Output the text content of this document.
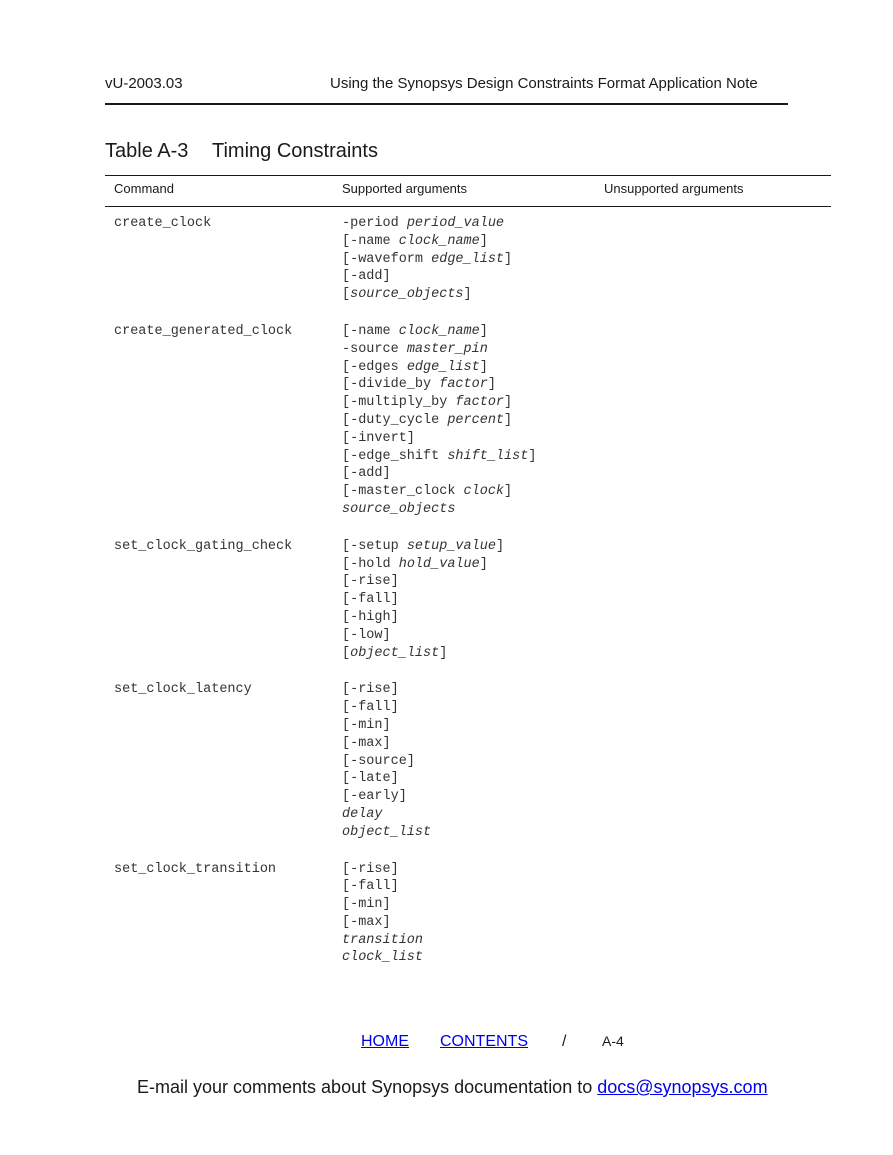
vU-2003.03	Using the Synopsys Design Constraints Format Application Note
Table A-3 Timing Constraints
Command	Supported arguments	Unsupported arguments
create_clock	-period period_value
[-name clock_name ]
[-waveform edge_list ]
[-add]
[ source_objects ]
create_generated_clock	[-name clock_name ]
-source master_pin
[-edges edge_list ]
[-divide_by factor ]
[-multiply_by factor ]
[-duty_cycle percent ]
[-invert]
[-edge_shift shift_list ]
[-add]
[-master_clock clock ]
source_objects
set_clock_gating_check	[-setup setup_value ]
[-hold hold_value ]
[-rise]
[-fall]
[-high]
[-low]
[ object_list ]
set_clock_latency	[-rise]
[-fall]
[-min]
[-max]
[-source]
[-late]
[-early]
delay
object_list
set_clock_transition	[-rise]
[-fall]
[-min]
[-max]
transition
clock_list
HOME CONTENTS /	A-4
E-mail your comments about Synopsys documentation to docs@synopsys.com
